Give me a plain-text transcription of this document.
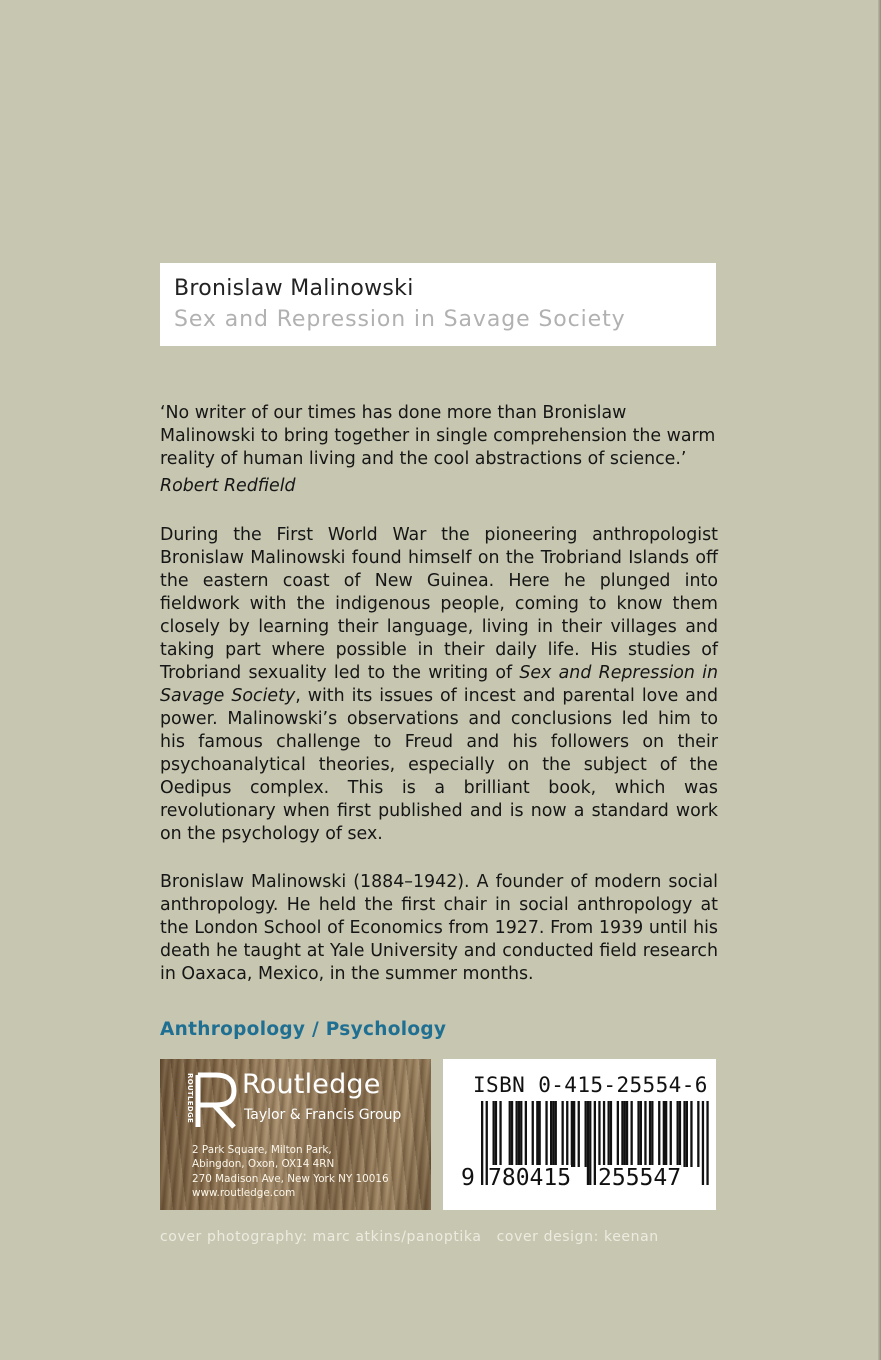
Bronislaw Malinowski
Sex and Repression in Savage Society

‘No writer of our times has done more than Bronislaw Malinowski to bring together in single comprehension the warm reality of human living and the cool abstractions of science.’

Robert Redfield
During the First World War the pioneering anthropologist Bronislaw Malinowski found himself on the Trobriand Islands off the eastern coast of New Guinea. Here he plunged into fieldwork with the indigenous people, coming to know them closely by learning their language, living in their villages and taking part where possible in their daily life. His studies of Trobriand sexuality led to the writing of Sex and Repression in Savage Society, with its issues of incest and parental love and power. Malinowski’s observations and conclusions led him to his famous challenge to Freud and his followers on their psychoanalytical theories, especially on the subject of the Oedipus complex. This is a brilliant book, which was revolutionary when first published and is now a standard work on the psychology of sex.
Bronislaw Malinowski (1884–1942). A founder of modern social anthropology. He held the first chair in social anthropology at the London School of Economics from 1927. From 1939 until his death he taught at Yale University and conducted field research in Oaxaca, Mexico, in the summer months.
Anthropology / Psychology
ROUTLEDGE Routledge
Taylor & Francis Group
2 Park Square, Milton Park,
Abingdon, Oxon, OX14 4RN
270 Madison Ave, New York NY 10016
www.routledge.com
ISBN 0-415-25554-6
9 780415 255547
cover photography: marc atkins/panoptika cover design: keenan
